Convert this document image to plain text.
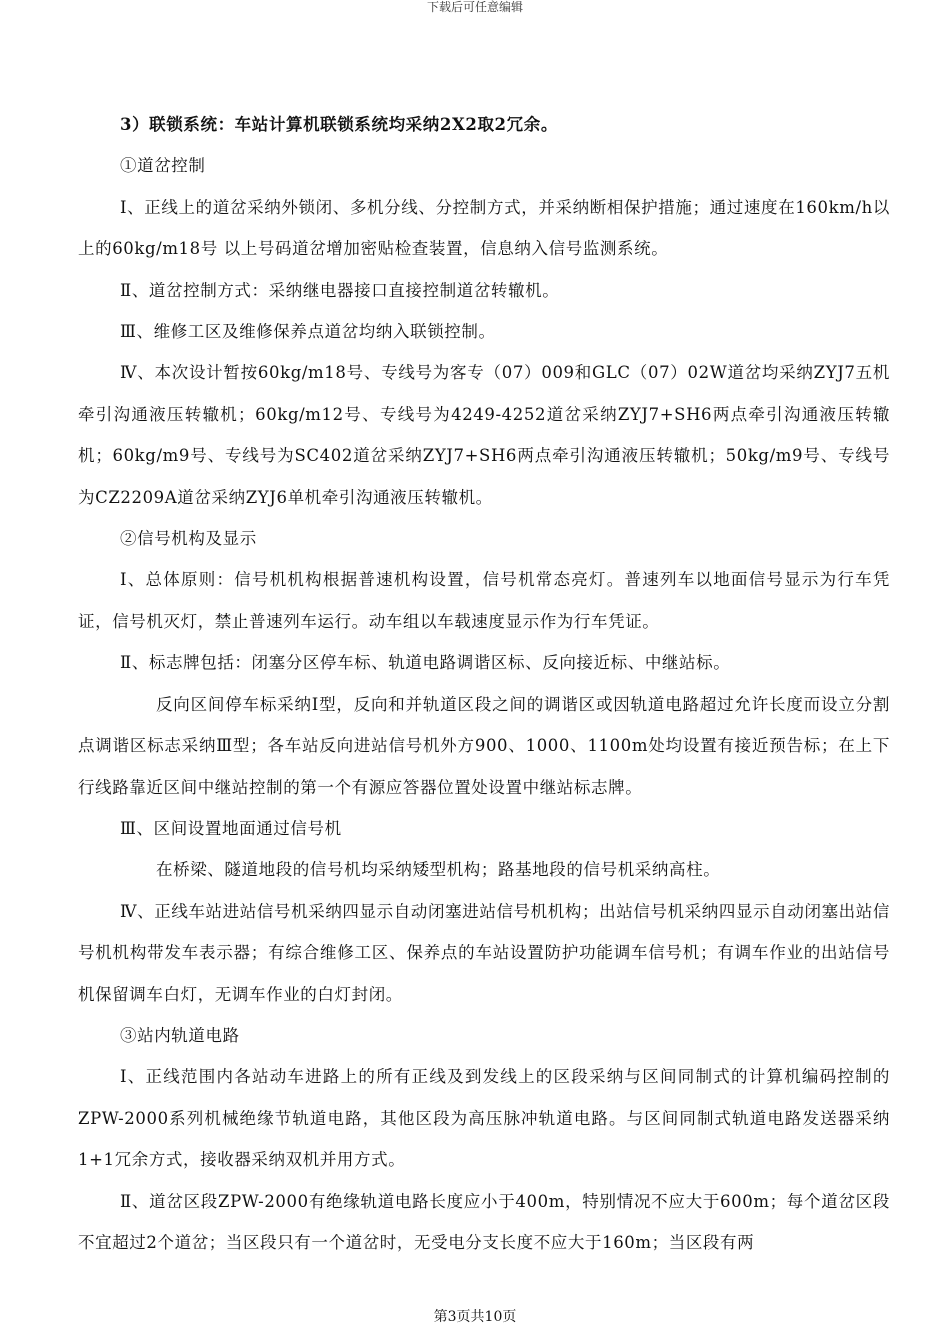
下载后可任意编辑

3）联锁系统：车站计算机联锁系统均采纳2X2取2冗余。

①道岔控制

Ⅰ、正线上的道岔采纳外锁闭、多机分线、分控制方式，并采纳断相保护措施；通过速度在160km/h以上的60kg/m18号 以上号码道岔增加密贴检查装置，信息纳入信号监测系统。

Ⅱ、道岔控制方式：采纳继电器接口直接控制道岔转辙机。

Ⅲ、维修工区及维修保养点道岔均纳入联锁控制。

Ⅳ、本次设计暂按60kg/m18号、专线号为客专（07）009和GLC（07）02W道岔均采纳ZYJ7五机牵引沟通液压转辙机；60kg/m12号、专线号为4249-4252道岔采纳ZYJ7+SH6两点牵引沟通液压转辙机；60kg/m9号、专线号为SC402道岔采纳ZYJ7+SH6两点牵引沟通液压转辙机；50kg/m9号、专线号为CZ2209A道岔采纳ZYJ6单机牵引沟通液压转辙机。

②信号机构及显示

Ⅰ、总体原则：信号机机构根据普速机构设置，信号机常态亮灯。普速列车以地面信号显示为行车凭证，信号机灭灯，禁止普速列车运行。动车组以车载速度显示作为行车凭证。

Ⅱ、标志牌包括：闭塞分区停车标、轨道电路调谐区标、反向接近标、中继站标。

反向区间停车标采纳Ⅰ型，反向和并轨道区段之间的调谐区或因轨道电路超过允许长度而设立分割点调谐区标志采纳Ⅲ型；各车站反向进站信号机外方900、1000、1100m处均设置有接近预告标；在上下行线路靠近区间中继站控制的第一个有源应答器位置处设置中继站标志牌。

Ⅲ、区间设置地面通过信号机

在桥梁、隧道地段的信号机均采纳矮型机构；路基地段的信号机采纳高柱。

Ⅳ、正线车站进站信号机采纳四显示自动闭塞进站信号机机构；出站信号机采纳四显示自动闭塞出站信号机机构带发车表示器；有综合维修工区、保养点的车站设置防护功能调车信号机；有调车作业的出站信号机保留调车白灯，无调车作业的白灯封闭。

③站内轨道电路

Ⅰ、正线范围内各站动车进路上的所有正线及到发线上的区段采纳与区间同制式的计算机编码控制的ZPW-2000系列机械绝缘节轨道电路，其他区段为高压脉冲轨道电路。与区间同制式轨道电路发送器采纳1+1冗余方式，接收器采纳双机并用方式。

Ⅱ、道岔区段ZPW-2000有绝缘轨道电路长度应小于400m，特别情况不应大于600m；每个道岔区段不宜超过2个道岔；当区段只有一个道岔时，无受电分支长度不应大于160m；当区段有两

第3页共10页
